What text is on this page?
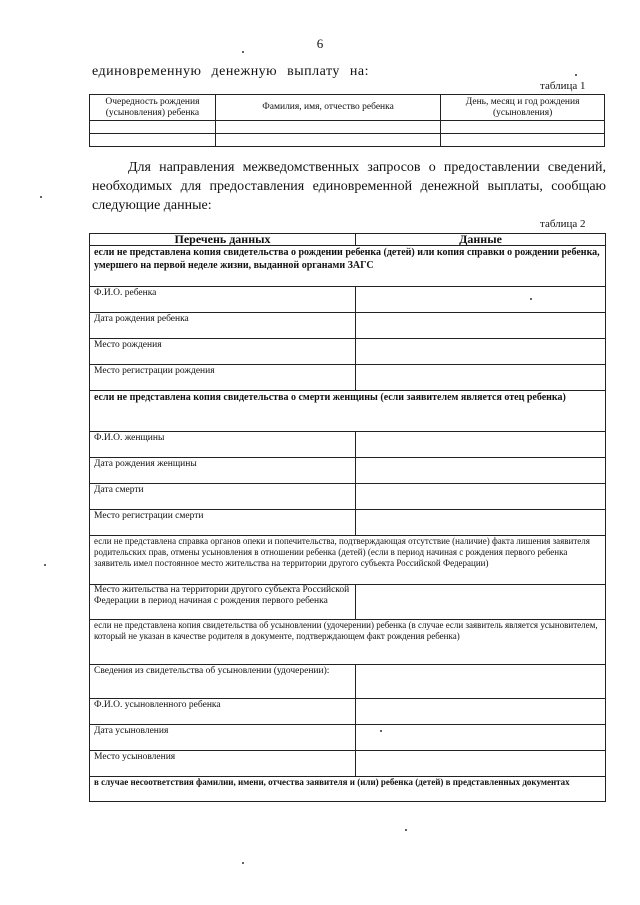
6
единовременную денежную выплату на:
таблица 1
Очередность рождения (усыновления) ребенка	Фамилия, имя, отчество ребенка	День, месяц и год рождения (усыновления)

Для направления межведомственных запросов о предоставлении сведений, необходимых для предоставления единовременной денежной выплаты, сообщаю следующие данные:
таблица 2
Перечень данных	Данные
если не представлена копия свидетельства о рождении ребенка (детей) или копия справки о рождении ребенка, умершего на первой неделе жизни, выданной органами ЗАГС	
Ф.И.О. ребенка	
Дата рождения ребенка	
Место рождения	
Место регистрации рождения	
если не представлена копия свидетельства о смерти женщины (если заявителем является отец ребенка)	
Ф.И.О. женщины	
Дата рождения женщины	
Дата смерти	
Место регистрации смерти	
если не представлена справка органов опеки и попечительства, подтверждающая отсутствие (наличие) факта лишения заявителя родительских прав, отмены усыновления в отношении ребенка (детей) (если в период начиная с рождения первого ребенка заявитель имел постоянное место жительства на территории другого субъекта Российской Федерации)	
Место жительства на территории другого субъекта Российской Федерации в период начиная с рождения первого ребенка	
если не представлена копия свидетельства об усыновлении (удочерении) ребенка (в случае если заявитель является усыновителем, который не указан в качестве родителя в документе, подтверждающем факт рождения ребенка)	
Сведения из свидетельства об усыновлении (удочерении):	
Ф.И.О. усыновленного ребенка	
Дата усыновления	
Место усыновления	
в случае несоответствия фамилии, имени, отчества заявителя и (или) ребенка (детей) в представленных документах	
